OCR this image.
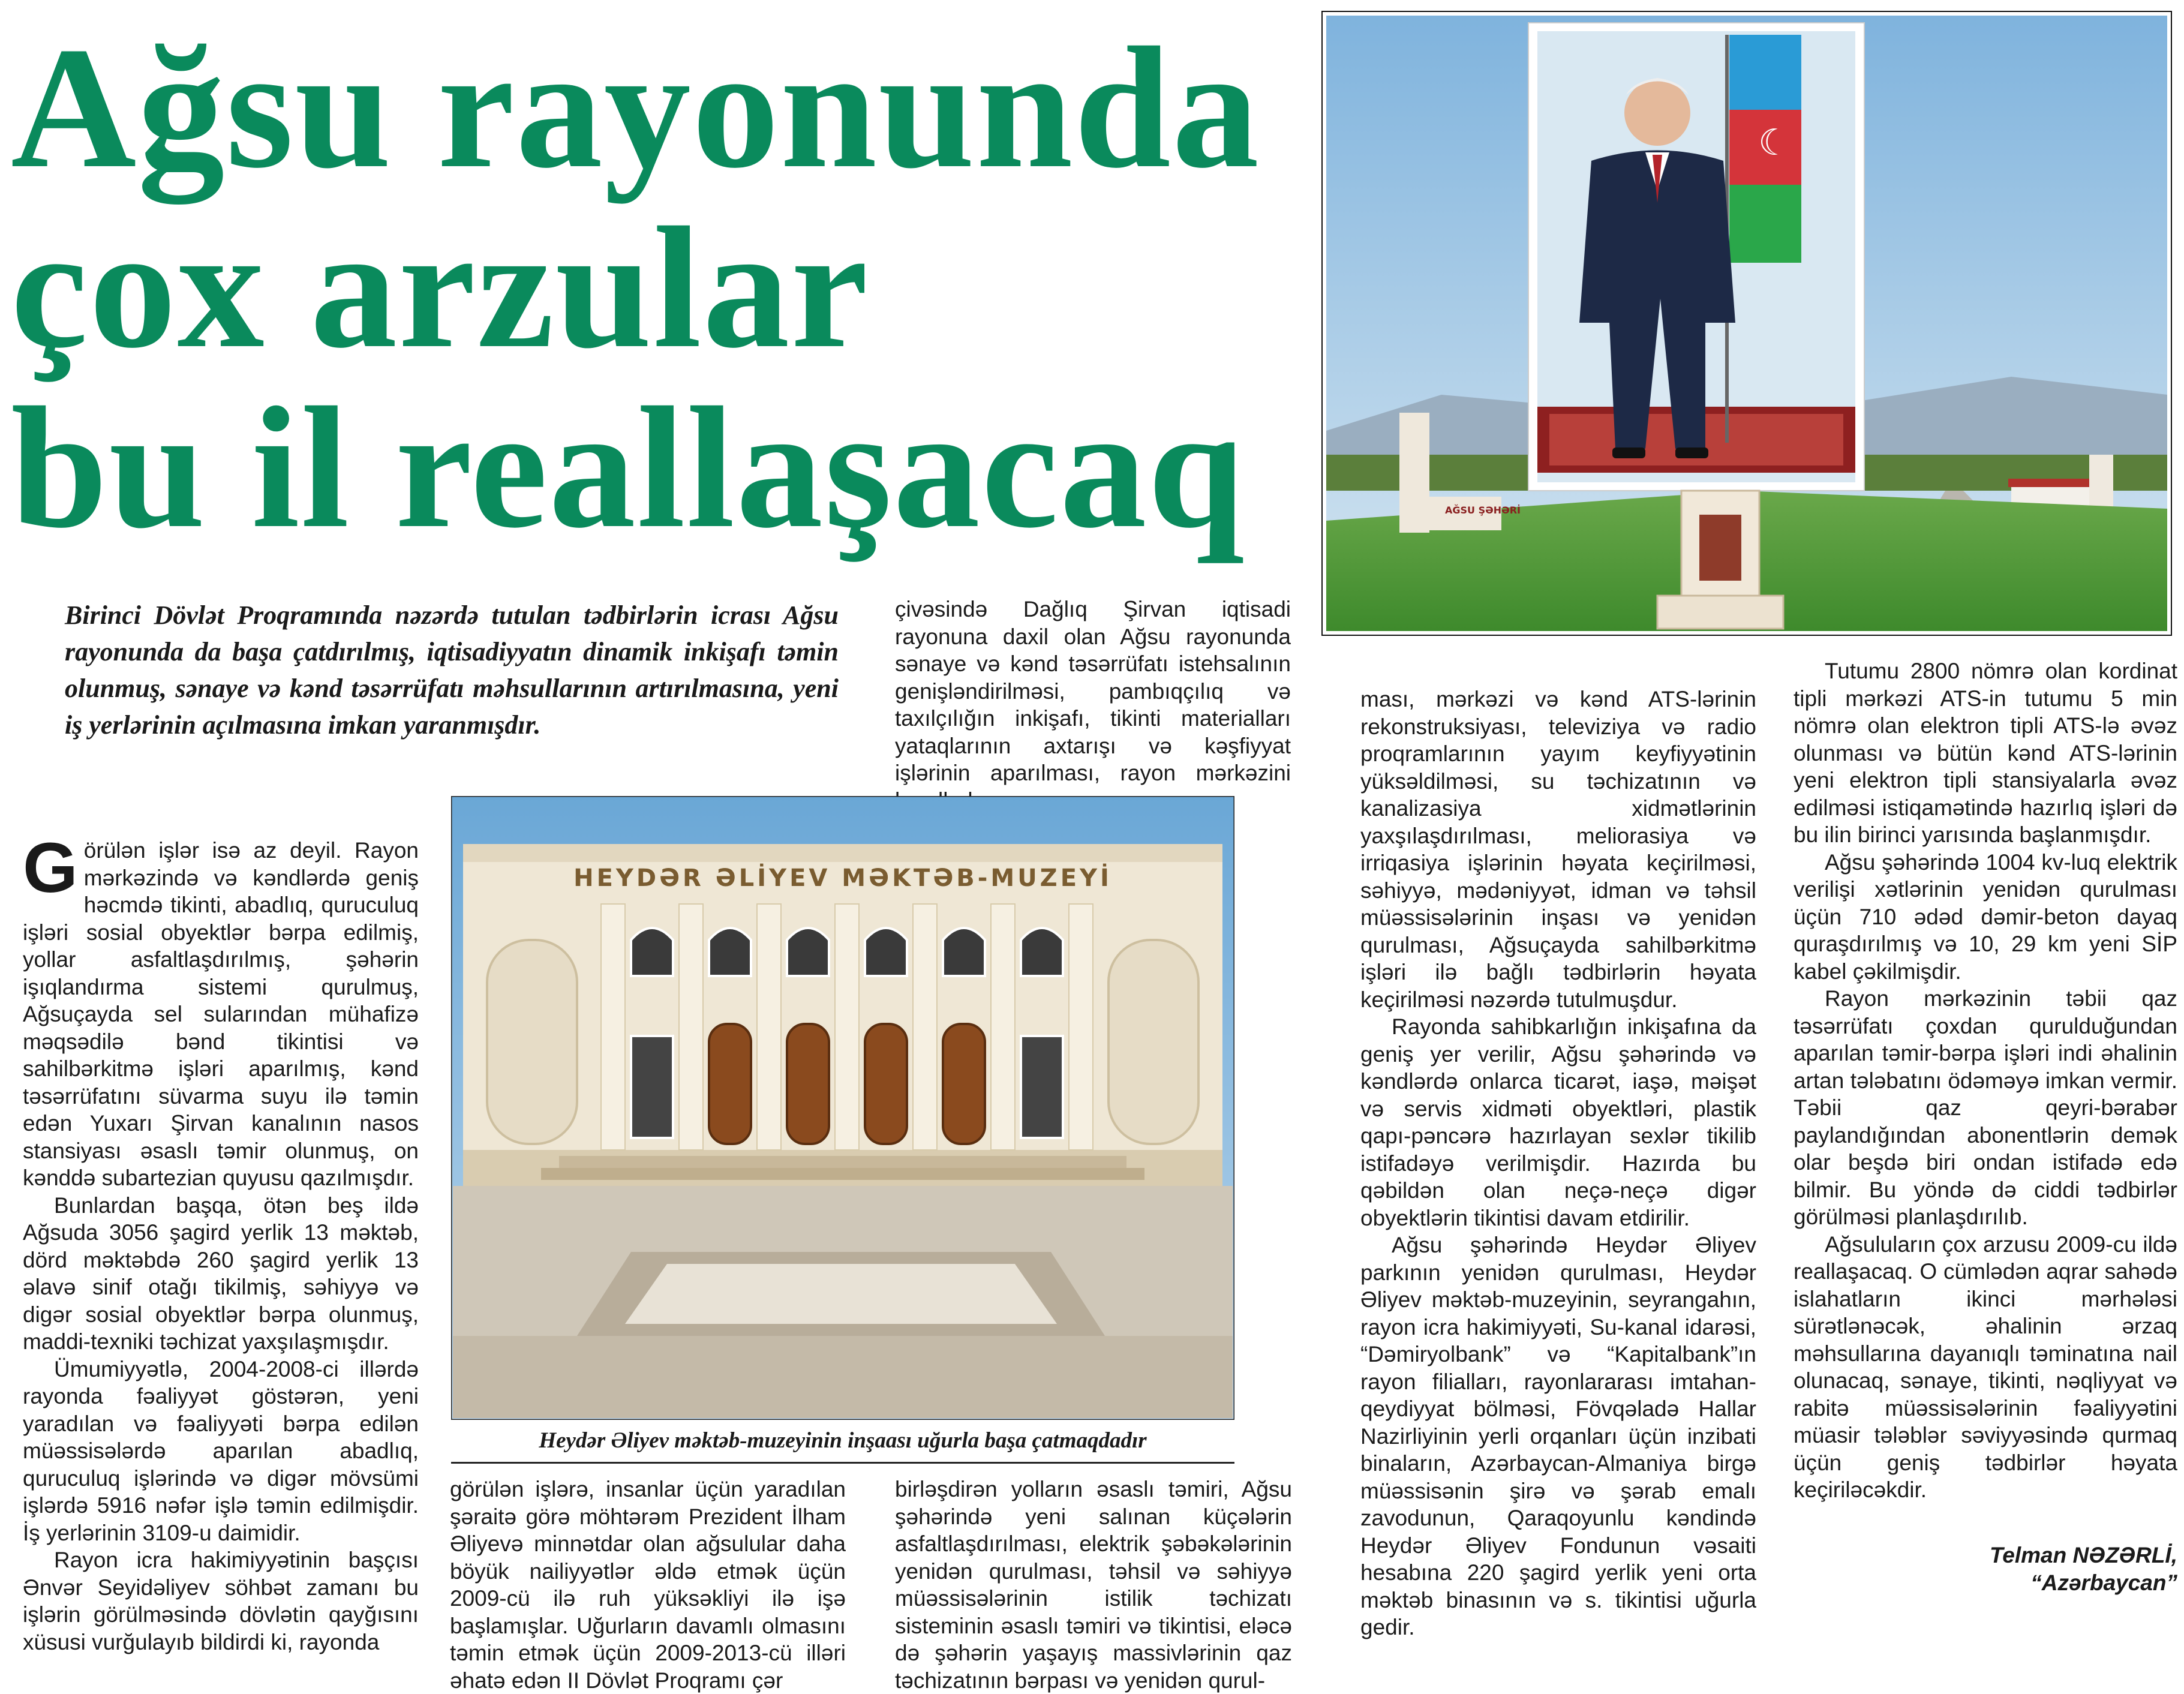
Ağsu rayonunda
çox arzular
bu il reallaşacaq
Birinci Dövlət Proqramında nəzərdə tutulan tədbirlərin icrası Ağsu rayonunda da başa çatdırılmış, iqtisadiyyatın dinamik inkişafı təmin olunmuş, sənaye və kənd təsərrüfatı məhsullarının artırılmasına, yeni iş yerlərinin açılmasına imkan yaranmışdır.

çivəsində Dağlıq Şirvan iqtisadi rayonuna daxil olan Ağsu rayonunda sənaye və kənd təsərrüfatı istehsalının genişləndirilməsi, pambıqçılıq və taxılçılığın inkişafı, tikinti materialları yataqlarının axtarışı və kəşfiyyat işlərinin aparılması, rayon mərkəzini

AĞSU ŞƏHƏRİ
☾
HEYDƏR ƏLİYEV MƏKTƏB-MUZEYİ
Heydər Əliyev məktəb-muzeyinin inşaası uğurla başa çatmaqdadır

Görülən işlər isə az deyil. Rayon mərkəzində və kəndlərdə geniş həcmdə tikinti, abadlıq, quruculuq işləri sosial obyektlər bərpa edilmiş, yollar asfaltlaşdırılmış, şəhərin işıqlandırma sistemi qurulmuş, Ağsuçayda sel sularından mühafizə məqsədilə bənd tikintisi və sahilbərkitmə işləri aparılmış, kənd təsərrüfatını süvarma suyu ilə təmin edən Yuxarı Şirvan kanalının nasos stansiyası əsaslı təmir olunmuş, on kənddə subartezian quyusu qazılmışdır.

Bunlardan başqa, ötən beş ildə Ağsuda 3056 şagird yerlik 13 məktəb, dörd məktəbdə 260 şagird yerlik 13 əlavə sinif otağı tikilmiş, səhiyyə və digər sosial obyektlər bərpa olunmuş, maddi-texniki təchizat yaxşılaşmışdır.

Ümumiyyətlə, 2004-2008-ci illərdə rayonda fəaliyyət göstərən, yeni yaradılan və fəaliyyəti bərpa edilən müəssisələrdə aparılan abadlıq, quruculuq işlərində və digər mövsümi işlərdə 5916 nəfər işlə təmin edilmişdir. İş yerlərinin 3109-u daimidir.

Rayon icra hakimiyyətinin başçısı Ənvər Seyidəliyev söhbət zamanı bu işlərin görülməsində dövlətin qayğısını xüsusi vurğulayıb bildirdi ki, rayonda

görülən işlərə, insanlar üçün yaradılan şəraitə görə möhtərəm Prezident İlham Əliyevə minnətdar olan ağsulular daha böyük nailiyyətlər əldə etmək üçün 2009-cü ilə ruh yüksəkliyi ilə işə başlamışlar. Uğurların davamlı olmasını təmin etmək üçün 2009-2013-cü illəri əhatə edən II Dövlət Proqramı çər

birləşdirən yolların əsaslı təmiri, Ağsu şəhərində yeni salınan küçələrin asfaltlaşdırılması, elektrik şəbəkələrinin yenidən qurulması, təhsil və səhiyyə müəssisələrinin istilik təchizatı sisteminin əsaslı təmiri və tikintisi, eləcə də şəhərin yaşayış massivlərinin qaz təchizatının bərpası və yenidən qurul-

ması, mərkəzi və kənd ATS-lərinin rekonstruksiyası, televiziya və radio proqramlarının yayım keyfiyyətinin yüksəldilməsi, su təchizatının və kanalizasiya xidmətlərinin yaxşılaşdırılması, meliorasiya və irriqasiya işlərinin həyata keçirilməsi, səhiyyə, mədəniyyət, idman və təhsil müəssisələrinin inşası və yenidən qurulması, Ağsuçayda sahilbərkitmə işləri ilə bağlı tədbirlərin həyata keçirilməsi nəzərdə tutulmuşdur.

Rayonda sahibkarlığın inkişafına da geniş yer verilir, Ağsu şəhərində və kəndlərdə onlarca ticarət, iaşə, məişət və servis xidməti obyektləri, plastik qapı-pəncərə hazırlayan sexlər tikilib istifadəyə verilmişdir. Hazırda bu qəbildən olan neçə-neçə digər obyektlərin tikintisi davam etdirilir.

Ağsu şəhərində Heydər Əliyev parkının yenidən qurulması, Heydər Əliyev məktəb-muzeyinin, seyrangahın, rayon icra hakimiyyəti, Su-kanal idarəsi, “Dəmiryolbank” və “Kapitalbank”ın rayon filialları, rayonlararası imtahan-qeydiyyat bölməsi, Fövqəladə Hallar Nazirliyinin yerli orqanları üçün inzibati binaların, Azərbaycan-Almaniya birgə müəssisənin şirə və şərab emalı zavodunun, Qaraqoyunlu kəndində Heydər Əliyev Fondunun vəsaiti hesabına 220 şagird yerlik yeni orta məktəb binasının və s. tikintisi uğurla gedir.

Tutumu 2800 nömrə olan kordinat tipli mərkəzi ATS-in tutumu 5 min nömrə olan elektron tipli ATS-lə əvəz olunması və bütün kənd ATS-lərinin yeni elektron tipli stansiyalarla əvəz edilməsi istiqamətində hazırlıq işləri də bu ilin birinci yarısında başlanmışdır.

Ağsu şəhərində 1004 kv-luq elektrik verilişi xətlərinin yenidən qurulması üçün 710 ədəd dəmir-beton dayaq quraşdırılmış və 10, 29 km yeni SİP kabel çəkilmişdir.

Rayon mərkəzinin təbii qaz təsərrüfatı çoxdan qurulduğundan aparılan təmir-bərpa işləri indi əhalinin artan tələbatını ödəməyə imkan vermir. Təbii qaz qeyri-bərabər paylandığından abonentlərin demək olar beşdə biri ondan istifadə edə bilmir. Bu yöndə də ciddi tədbirlər görülməsi planlaşdırılıb.

Ağsuluların çox arzusu 2009-cu ildə reallaşacaq. O cümlədən aqrar sahədə islahatların ikinci mərhələsi sürətlənəcək, əhalinin ərzaq məhsullarına dayanıqlı təminatına nail olunacaq, sənaye, tikinti, nəqliyyat və rabitə müəssisələrinin fəaliyyətini müasir tələblər səviyyəsində qurmaq üçün geniş tədbirlər həyata keçiriləcəkdir.

Telman NƏZƏRLİ,
“Azərbaycan”
